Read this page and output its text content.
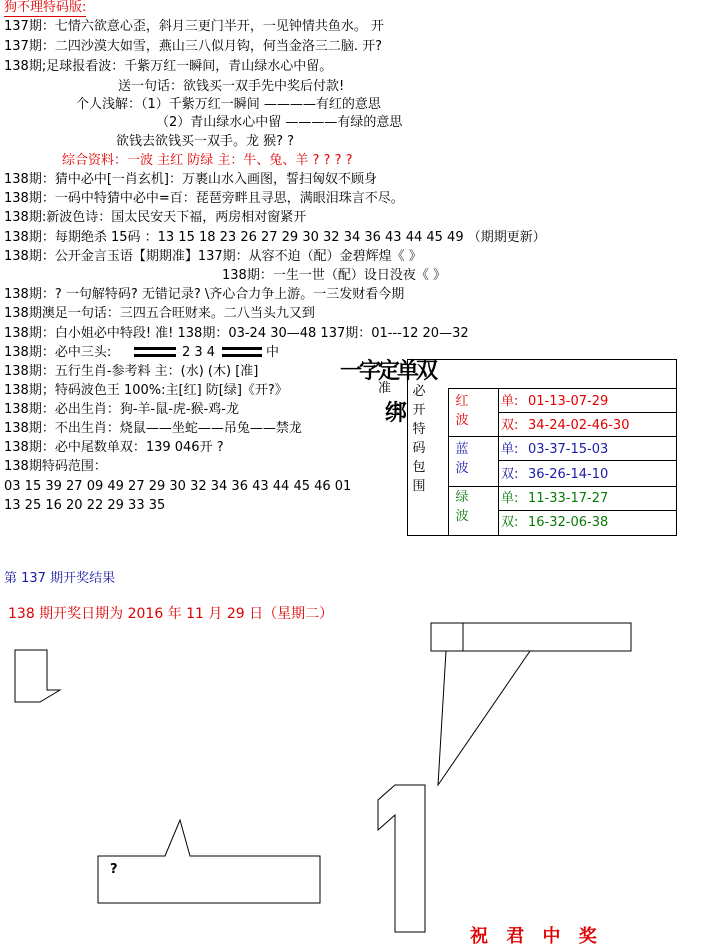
狗不理特码版:
137期：七情六欲意心歪，斜月三更门半开，一见钟情共鱼水。 开
137期：二四沙漠大如雪，燕山三八似月钩，何当金洛三二脑. 开?
138期;足球报看波：千紫万红一瞬间，青山绿水心中留。
送一句话：欲钱买一双手先中奖后付款!
个人浅解：（1）千紫万红一瞬间 ————有红的意思
（2）青山绿水心中留 ————有绿的意思
欲钱去欲钱买一双手。龙 猴? ?
综合资料：一波 主红 防绿 主：牛、兔、羊 ? ? ? ?
138期：猜中必中[一肖玄机]：万裹山水入画图，誓扫匈奴不顾身
138期：一码中特猜中必中=百：琵琶旁畔且寻思，满眼泪珠言不尽。
138期:新波色诗：国太民安天下福，两房相对窗紧开
138期：每期绝杀 15码 ：13 15 18 23 26 27 29 30 32 34 36 43 44 45 49 （期期更新）
138期：公开金言玉语【期期准】137期：从容不迫（配）金碧辉煌《 》
138期：一生一世（配）设日没夜《 》
138期：? 一句解特码? 无错记录? \齐心合力争上游。一三发财看今期
138期澳足一句话：三四五合旺财来。二八当头九又到
138期：白小姐必中特段! 准! 138期：03-24 30—48 137期：01---12 20—32
138期：必中三头:	2 3 4	中
138期：五行生肖-参考料 主：(水) (木) [准]
138期；特码波色王 100%:主[红] 防[绿]《开?》
138期：必出生肖：狗-羊-鼠-虎-猴-鸡-龙
138期：不出生肖：烧鼠——坐蛇——吊兔——禁龙
138期：必中尾数单双：139 046开 ?
138期特码范围：
03 15 39 27 09 49 27 29 30 32 34 36 43 44 45 46 01
13 25 16 20 22 29 33 35
一字定单双
绑
准 必开特码包围
红波
蓝波
绿波
单: 01-13-07-29
双: 34-24-02-46-30
单: 03-37-15-03
双: 36-26-14-10
单: 11-33-17-27
双: 16-32-06-38
第 137 期开奖结果
138 期开奖日期为 2016 年 11 月 29 日（星期二）
?
祝 君 中 奖
